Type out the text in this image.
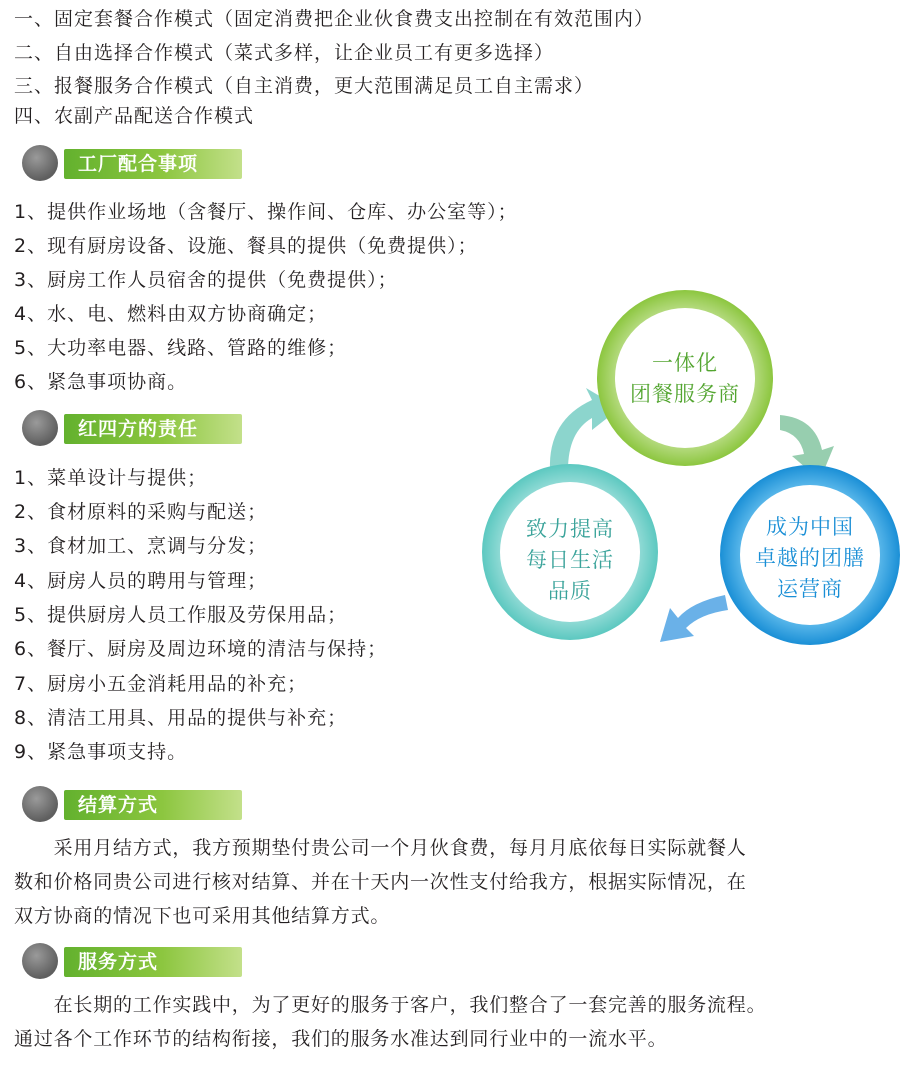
一、固定套餐合作模式（固定消费把企业伙食费支出控制在有效范围内）
二、自由选择合作模式（菜式多样，让企业员工有更多选择）
三、报餐服务合作模式（自主消费，更大范围满足员工自主需求）
四、农副产品配送合作模式
工厂配合事项
1、提供作业场地（含餐厅、操作间、仓库、办公室等）；
2、现有厨房设备、设施、餐具的提供（免费提供）；
3、厨房工作人员宿舍的提供（免费提供）；
4、水、电、燃料由双方协商确定；
5、大功率电器、线路、管路的维修；
6、紧急事项协商。
红四方的责任
1、菜单设计与提供；
2、食材原料的采购与配送；
3、食材加工、烹调与分发；
4、厨房人员的聘用与管理；
5、提供厨房人员工作服及劳保用品；
6、餐厅、厨房及周边环境的清洁与保持；
7、厨房小五金消耗用品的补充；
8、清洁工用具、用品的提供与补充；
9、紧急事项支持。
结算方式
　　采用月结方式，我方预期垫付贵公司一个月伙食费，每月月底依每日实际就餐人
数和价格同贵公司进行核对结算、并在十天内一次性支付给我方，根据实际情况，在
双方协商的情况下也可采用其他结算方式。
服务方式
　　在长期的工作实践中，为了更好的服务于客户，我们整合了一套完善的服务流程。
通过各个工作环节的结构衔接，我们的服务水准达到同行业中的一流水平。
一体化
团餐服务商
成为中国
卓越的团膳
运营商
致力提高
每日生活
品质
